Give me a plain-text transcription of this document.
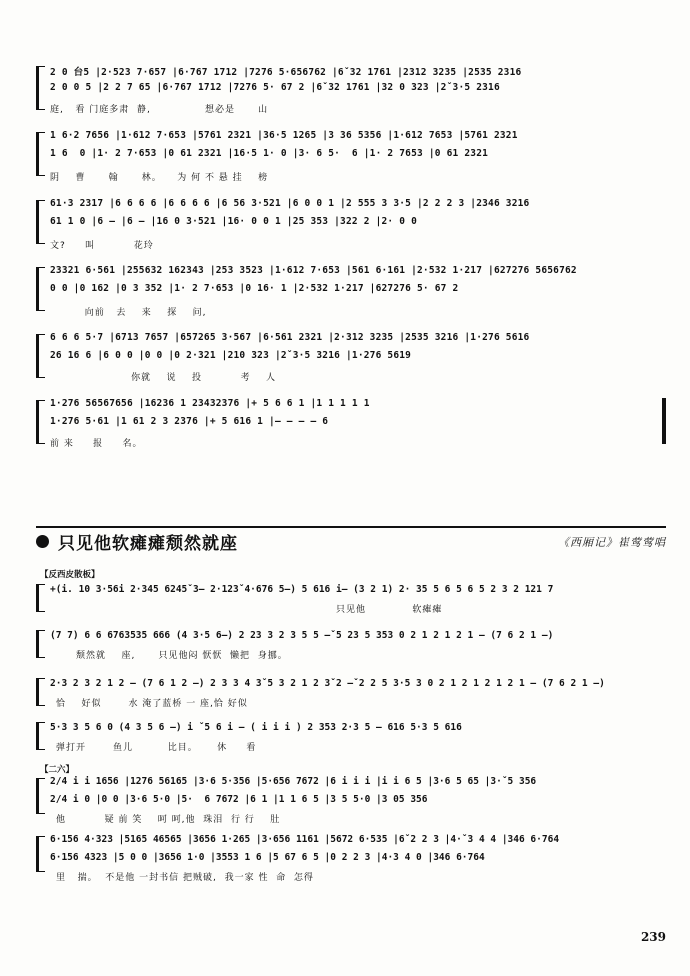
2 0 台5 |2·523 7·657 |6·767 1712 |7276 5·656762 |6ˇ32 1761 |2312 3235 |2535 2316
2 0 0 5 |2 2 7 65 |6·767 1712 |7276 5· 67 2 |6ˇ32 1761 |32 0 323 |2ˇ3·5 2316
庭,   看 门庭多肃  静,              想必是      山
1 6·2 7656 |1·612 7·653 |5761 2321 |36·5 1265 |3 36 5356 |1·612 7653 |5761 2321
1 6  0 |1· 2 7·653 |0 61 2321 |16·5 1· 0 |3· 6 5·  6 |1· 2 7653 |0 61 2321
阴    曹      翰      林。    为 何 不 悬 挂    榜
61·3 2317 |6 6 6 6 |6 6 6 6 |6 56 3·521 |6 0 0 1 |2 555 3 3·5 |2 2 2 3 |2346 3216
61 1 0 |6 – |6 – |16 0 3·521 |16· 0 0 1 |25 353 |322 2 |2· 0 0
文?     叫          花玲
23321 6·561 |255632 162343 |253 3523 |1·612 7·653 |561 6·161 |2·532 1·217 |627276 5656762
0 0 |0 162 |0 3 352 |1· 2 7·653 |0 16· 1 |2·532 1·217 |627276 5· 67 2
向前   去    来    探    问,
6 6 6 5·7 |6713 7657 |657265 3·567 |6·561 2321 |2·312 3235 |2535 3216 |1·276 5616
26 16 6 |6 0 0 |0 0 |0 2·321 |210 323 |2ˇ3·5 3216 |1·276 5619
你就    说    投          考    人
1·276 56567656 |16236 1 23432376 |+ 5 6 6 1 |1 1 1 1 1
1·276 5·61 |1 61 2 3 2376 |+ 5 616 1 |– – – – 6
前 来     报     名。
只见他软瘫瘫颓然就座	《西厢记》崔莺莺唱
【反西皮散板】
+(i. 10 3·56i 2·345 6245ˇ3– 2·123ˇ4·676 5–) 5 616 i– (3 2 1) 2· 35 5 6 5 6 5 2 3 2 121 7
只见他            软瘫瘫
(7 7) 6 6 6763535 666 (4 3·5 6–) 2 23 3 2 3 5 5 –ˇ5 23 5 353 0 2 1 2 1 2 1 – (7 6 2 1 –)
颓然就    座,      只见他闷 恹恹  懒把  身挪。
2·3 2 3 2 1 2 – (7 6 1 2 –) 2 3 3 4 3ˇ5 3 2 1 2 3ˇ2 –ˇ2 2 5 3·5 3 0 2 1 2 1 2 1 2 1 – (7 6 2 1 –)
恰    好似       水 淹了蓝桥 一 座,恰 好似
5·3 3 5 6 0 (4 3 5 6 –) i ˇ5 6 i – ( i i i ) 2 353 2·3 5 – 616 5·3 5 616
弹打开       鱼儿         比目。     休     看
【二六】
2/4 i i 1656 |1276 56165 |3·6 5·356 |5·656 7672 |6 i i i |i i 6 5 |3·6 5 65 |3·ˇ5 356
2/4 i 0 |0 0 |3·6 5·0 |5·  6 7672 |6 1 |1 1 6 5 |3 5 5·0 |3 05 356
他          疑 前 笑    呵 呵,他  珠泪  行 行    肚
6·156 4·323 |5165 46565 |3656 1·265 |3·656 1161 |5672 6·535 |6ˇ2 2 3 |4·ˇ3 4 4 |346 6·764
6·156 4323 |5 0 0 |3656 1·0 |3553 1 6 |5 67 6 5 |0 2 2 3 |4·3 4 0 |346 6·764
里   揣。  不是他 一封书信 把贼破,  我一家 性  命  怎得
239
